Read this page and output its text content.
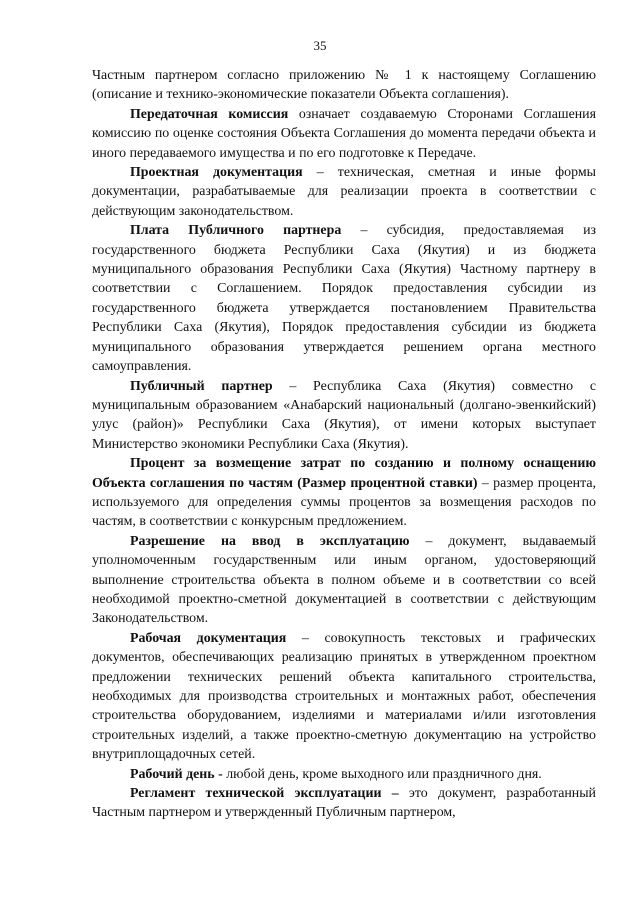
35

Частным партнером согласно приложению № 1 к настоящему Соглашению (описание и технико-экономические показатели Объекта соглашения).

Передаточная комиссия означает создаваемую Сторонами Соглашения комиссию по оценке состояния Объекта Соглашения до момента передачи объекта и иного передаваемого имущества и по его подготовке к Передаче.

Проектная документация – техническая, сметная и иные формы документации, разрабатываемые для реализации проекта в соответствии с действующим законодательством.

Плата Публичного партнера – субсидия, предоставляемая из государственного бюджета Республики Саха (Якутия) и из бюджета муниципального образования Республики Саха (Якутия) Частному партнеру в соответствии с Соглашением. Порядок предоставления субсидии из государственного бюджета утверждается постановлением Правительства Республики Саха (Якутия), Порядок предоставления субсидии из бюджета муниципального образования утверждается решением органа местного самоуправления.

Публичный партнер – Республика Саха (Якутия) совместно с муниципальным образованием «Анабарский национальный (долгано-эвенкийский) улус (район)» Республики Саха (Якутия), от имени которых выступает Министерство экономики Республики Саха (Якутия).

Процент за возмещение затрат по созданию и полному оснащению Объекта соглашения по частям (Размер процентной ставки) – размер процента, используемого для определения суммы процентов за возмещения расходов по частям, в соответствии с конкурсным предложением.

Разрешение на ввод в эксплуатацию – документ, выдаваемый уполномоченным государственным или иным органом, удостоверяющий выполнение строительства объекта в полном объеме и в соответствии со всей необходимой проектно-сметной документацией в соответствии с действующим Законодательством.

Рабочая документация – совокупность текстовых и графических документов, обеспечивающих реализацию принятых в утвержденном проектном предложении технических решений объекта капитального строительства, необходимых для производства строительных и монтажных работ, обеспечения строительства оборудованием, изделиями и материалами и/или изготовления строительных изделий, а также проектно-сметную документацию на устройство внутриплощадочных сетей.

Рабочий день - любой день, кроме выходного или праздничного дня.

Регламент технической эксплуатации – это документ, разработанный Частным партнером и утвержденный Публичным партнером,
